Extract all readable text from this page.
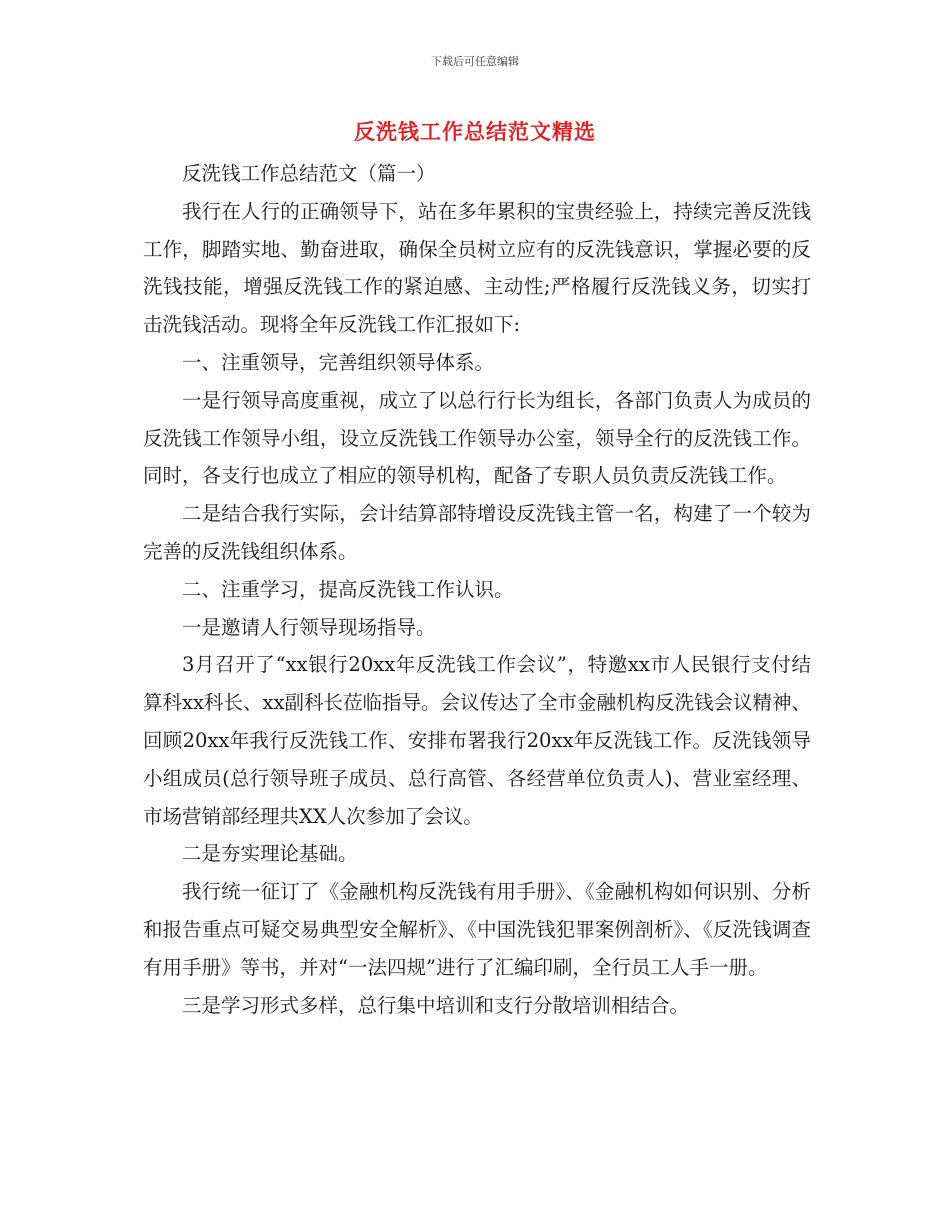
下载后可任意编辑
反洗钱工作总结范文精选

反洗钱工作总结范文（篇一）

我行在人行的正确领导下，站在多年累积的宝贵经验上，持续完善反洗钱工作，脚踏实地、勤奋进取，确保全员树立应有的反洗钱意识，掌握必要的反洗钱技能，增强反洗钱工作的紧迫感、主动性;严格履行反洗钱义务，切实打击洗钱活动。现将全年反洗钱工作汇报如下:

一、注重领导，完善组织领导体系。

一是行领导高度重视，成立了以总行行长为组长，各部门负责人为成员的反洗钱工作领导小组，设立反洗钱工作领导办公室，领导全行的反洗钱工作。同时，各支行也成立了相应的领导机构，配备了专职人员负责反洗钱工作。

二是结合我行实际，会计结算部特增设反洗钱主管一名，构建了一个较为完善的反洗钱组织体系。

二、注重学习，提高反洗钱工作认识。

一是邀请人行领导现场指导。

3月召开了“xx银行20xx年反洗钱工作会议”，特邀xx市人民银行支付结算科xx科长、xx副科长莅临指导。会议传达了全市金融机构反洗钱会议精神、回顾20xx年我行反洗钱工作、安排布署我行20xx年反洗钱工作。反洗钱领导小组成员(总行领导班子成员、总行高管、各经营单位负责人)、营业室经理、市场营销部经理共XX人次参加了会议。

二是夯实理论基础。

我行统一征订了《金融机构反洗钱有用手册》、《金融机构如何识别、分析和报告重点可疑交易典型安全解析》、《中国洗钱犯罪案例剖析》、《反洗钱调查有用手册》等书，并对“一法四规”进行了汇编印刷，全行员工人手一册。

三是学习形式多样，总行集中培训和支行分散培训相结合。
